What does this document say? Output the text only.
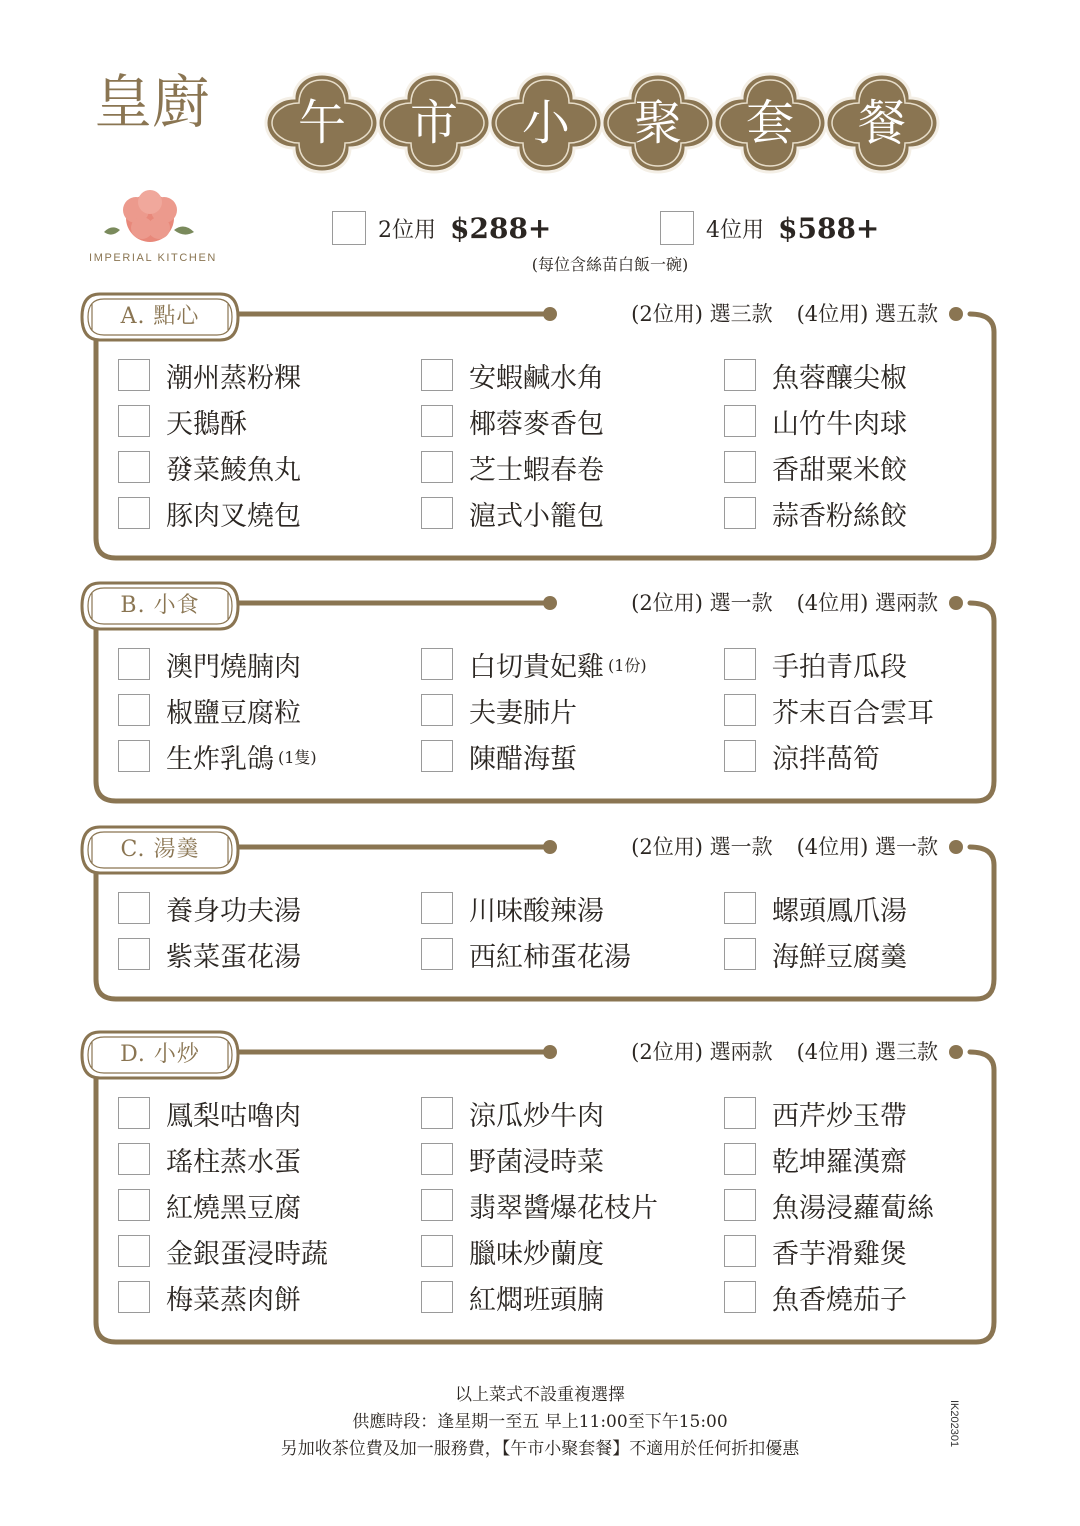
皇廚
IMPERIAL KITCHEN
午	市	小	聚	套	餐
2位用 $288+	4位用 $588+
(每位含絲苗白飯一碗)
A. 點心	(2位用) 選三款 (4位用) 選五款
潮州蒸粉粿
天鵝酥
發菜鯪魚丸
豚肉叉燒包
安蝦鹹水角
椰蓉麥香包
芝士蝦春卷
滬式小籠包
魚蓉釀尖椒
山竹牛肉球
香甜粟米餃
蒜香粉絲餃
B. 小食	(2位用) 選一款 (4位用) 選兩款
澳門燒腩肉
椒鹽豆腐粒
生炸乳鴿 (1隻)
白切貴妃雞 (1份)
夫妻肺片
陳醋海蜇
手拍青瓜段
芥末百合雲耳
涼拌萵筍
C. 湯羹	(2位用) 選一款 (4位用) 選一款
養身功夫湯
紫菜蛋花湯
川味酸辣湯
西紅柿蛋花湯
螺頭鳳爪湯
海鮮豆腐羹
D. 小炒	(2位用) 選兩款 (4位用) 選三款
鳳梨咕嚕肉
瑤柱蒸水蛋
紅燒黑豆腐
金銀蛋浸時蔬
梅菜蒸肉餅
涼瓜炒牛肉
野菌浸時菜
翡翠醬爆花枝片
臘味炒蘭度
紅燜班頭腩
西芹炒玉帶
乾坤羅漢齋
魚湯浸蘿蔔絲
香芋滑雞煲
魚香燒茄子
以上菜式不設重複選擇
供應時段：逢星期一至五 早上11:00至下午15:00
另加收茶位費及加一服務費，【午市小聚套餐】不適用於任何折扣優惠
IK202301
